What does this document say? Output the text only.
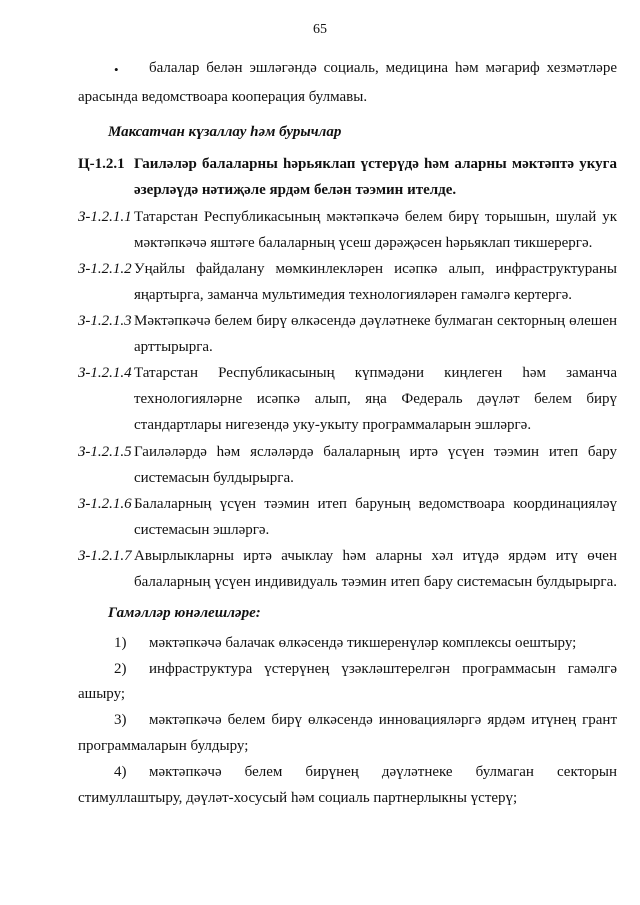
65
• балалар белән эшләгәндә социаль, медицина һәм мәгариф хезмәтләре
арасында ведомствоара кооперация булмавы.
Максатчан күзаллау һәм бурычлар
Ц-1.2.1 Гаиләләр балаларны һәрьяклап үстерүдә һәм аларны мәктәптә укуга
әзерләүдә нәтиҗәле ярдәм белән тәэмин ителде.
З-1.2.1.1 Татарстан Республикасының мәктәпкәчә белем бирү торышын, шулай ук
мәктәпкәчә яштәге балаларның үсеш дәрәҗәсен һәрьяклап тикшерергә.
З-1.2.1.2 Уңайлы файдалану мөмкинлекләрен исәпкә алып, инфраструктураны
яңартырга, заманча мультимедия технологияләрен гамәлгә кертергә.
З-1.2.1.3 Мәктәпкәчә белем бирү өлкәсендә дәүләтнеке булмаган секторның өлешен
арттырырга.
З-1.2.1.4 Татарстан Республикасының күпмәдәни киңлеген һәм заманча
технологияләрне исәпкә алып, яңа Федераль дәүләт белем бирү
стандартлары нигезендә уку-укыту программаларын эшләргә.
З-1.2.1.5 Гаиләләрдә һәм ясләләрдә балаларның иртә үсүен тәэмин итеп бару
системасын булдырырга.
З-1.2.1.6 Балаларның үсүен тәэмин итеп баруның ведомствоара координацияләү
системасын эшләргә.
З-1.2.1.7 Авырлыкларны иртә ачыклау һәм аларны хәл итүдә ярдәм итү өчен
балаларның үсүен индивидуаль тәэмин итеп бару системасын булдырырга.
Гамәлләр юнәлешләре:
1) мәктәпкәчә балачак өлкәсендә тикшеренүләр комплексы оештыру;
2) инфраструктура үстерүнең үзәкләштерелгән программасын гамәлгә
ашыру;
3) мәктәпкәчә белем бирү өлкәсендә инновацияләргә ярдәм итүнең грант
программаларын булдыру;
4) мәктәпкәчә белем бирүнең дәүләтнеке булмаган секторын
стимуллаштыру, дәүләт-хосусый һәм социаль партнерлыкны үстерү;
